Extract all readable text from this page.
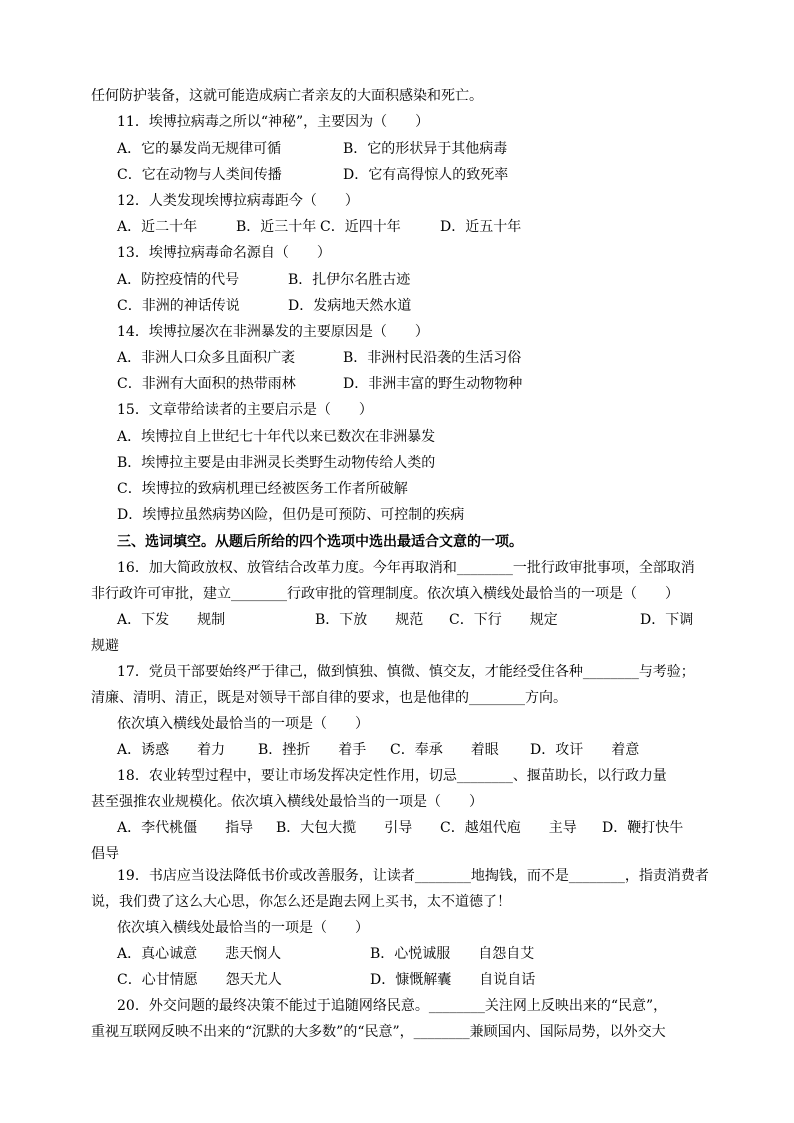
任何防护装备，这就可能造成病亡者亲友的大面积感染和死亡。
11．埃博拉病毒之所以“神秘”，主要因为（　　）
A．它的暴发尚无规律可循	B．它的形状异于其他病毒
C．它在动物与人类间传播	D．它有高得惊人的致死率
12．人类发现埃博拉病毒距今（　　）
A．近二十年	B．近三十年 C．近四十年	D．近五十年
13．埃博拉病毒命名源自（　　）
A．防控疫情的代号	B．扎伊尔名胜古迹
C．非洲的神话传说	D．发病地天然水道
14．埃博拉屡次在非洲暴发的主要原因是（　　）
A．非洲人口众多且面积广袤	B．非洲村民沿袭的生活习俗
C．非洲有大面积的热带雨林	D．非洲丰富的野生动物物种
15．文章带给读者的主要启示是（　　）
A．埃博拉自上世纪七十年代以来已数次在非洲暴发
B．埃博拉主要是由非洲灵长类野生动物传给人类的
C．埃博拉的致病机理已经被医务工作者所破解
D．埃博拉虽然病势凶险，但仍是可预防、可控制的疾病
三、选词填空。从题后所给的四个选项中选出最适合文意的一项。
16．加大简政放权、放管结合改革力度。今年再取消和________一批行政审批事项，全部取消
非行政许可审批，建立________行政审批的管理制度。依次填入横线处最恰当的一项是（　　）
A．下发　　规制	B．下放　　规范 C．下行　　规定	D．下调
规避
17．党员干部要始终严于律己，做到慎独、慎微、慎交友，才能经受住各种________与考验；
清廉、清明、清正，既是对领导干部自律的要求，也是他律的________方向。
依次填入横线处最恰当的一项是（　　）
A．诱惑　　着力 B．挫折　　着手 C．奉承　　着眼 D．攻讦　　着意
18．农业转型过程中，要让市场发挥决定性作用，切忌________、揠苗助长，以行政力量
甚至强推农业规模化。依次填入横线处最恰当的一项是（　　）
A．李代桃僵　　指导 B．大包大揽　　引导 C．越俎代庖　　主导 D．鞭打快牛
倡导
19．书店应当设法降低书价或改善服务，让读者________地掏钱，而不是________，指责消费者
说，我们费了这么大心思，你怎么还是跑去网上买书，太不道德了！
依次填入横线处最恰当的一项是（　　）
A．真心诚意　　悲天悯人	B．心悦诚服　　自怨自艾
C．心甘情愿　　怨天尤人	D．慷慨解囊　　自说自话
20．外交问题的最终决策不能过于追随网络民意。________关注网上反映出来的“民意”，
重视互联网反映不出来的“沉默的大多数”的“民意”，________兼顾国内、国际局势，以外交大
